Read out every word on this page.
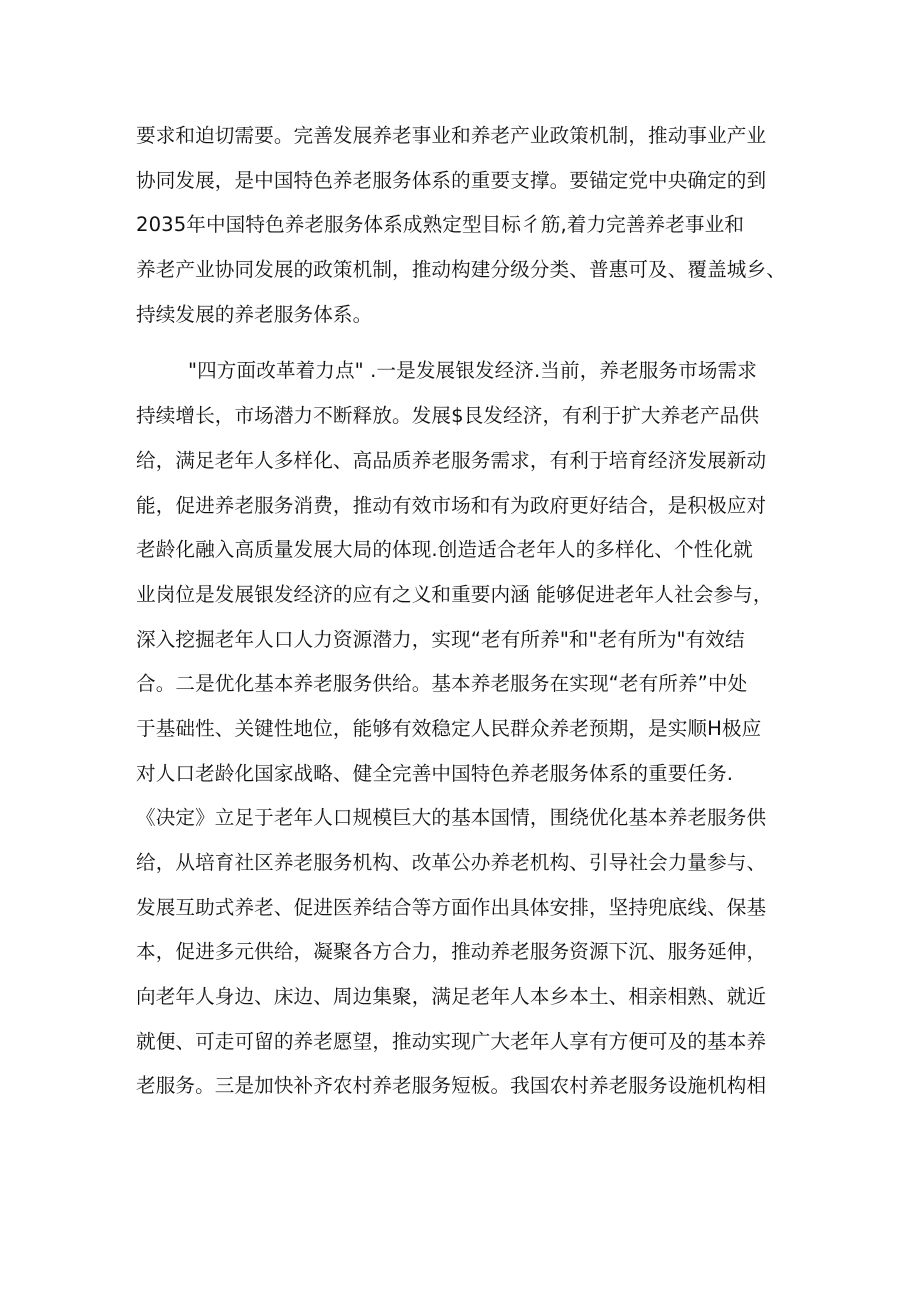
要求和迫切需要。完善发展养老事业和养老产业政策机制，推动事业产业
协同发展，是中国特色养老服务体系的重要支撑。要锚定党中央确定的到
2035年中国特色养老服务体系成熟定型目标彳筋,着力完善养老事业和
养老产业协同发展的政策机制，推动构建分级分类、普惠可及、覆盖城乡、
持续发展的养老服务体系。
"四方面改革着力点" .一是发展银发经济.当前，养老服务市场需求
持续增长，市场潜力不断释放。发展$艮发经济，有利于扩大养老产品供
给，满足老年人多样化、高品质养老服务需求，有利于培育经济发展新动
能，促进养老服务消费，推动有效市场和有为政府更好结合，是积极应对
老龄化融入高质量发展大局的体现.创造适合老年人的多样化、个性化就
业岗位是发展银发经济的应有之义和重要内涵 能够促进老年人社会参与，
深入挖掘老年人口人力资源潜力，实现“老有所养"和"老有所为"有效结
合。二是优化基本养老服务供给。基本养老服务在实现“老有所养”中处
于基础性、关键性地位，能够有效稳定人民群众养老预期，是实顺H极应
对人口老龄化国家战略、健全完善中国特色养老服务体系的重要任务.
《决定》立足于老年人口规模巨大的基本国情，围绕优化基本养老服务供
给，从培育社区养老服务机构、改革公办养老机构、引导社会力量参与、
发展互助式养老、促进医养结合等方面作出具体安排，坚持兜底线、保基
本，促进多元供给，凝聚各方合力，推动养老服务资源下沉、服务延伸，
向老年人身边、床边、周边集聚，满足老年人本乡本土、相亲相熟、就近
就便、可走可留的养老愿望，推动实现广大老年人享有方便可及的基本养
老服务。三是加快补齐农村养老服务短板。我国农村养老服务设施机构相
